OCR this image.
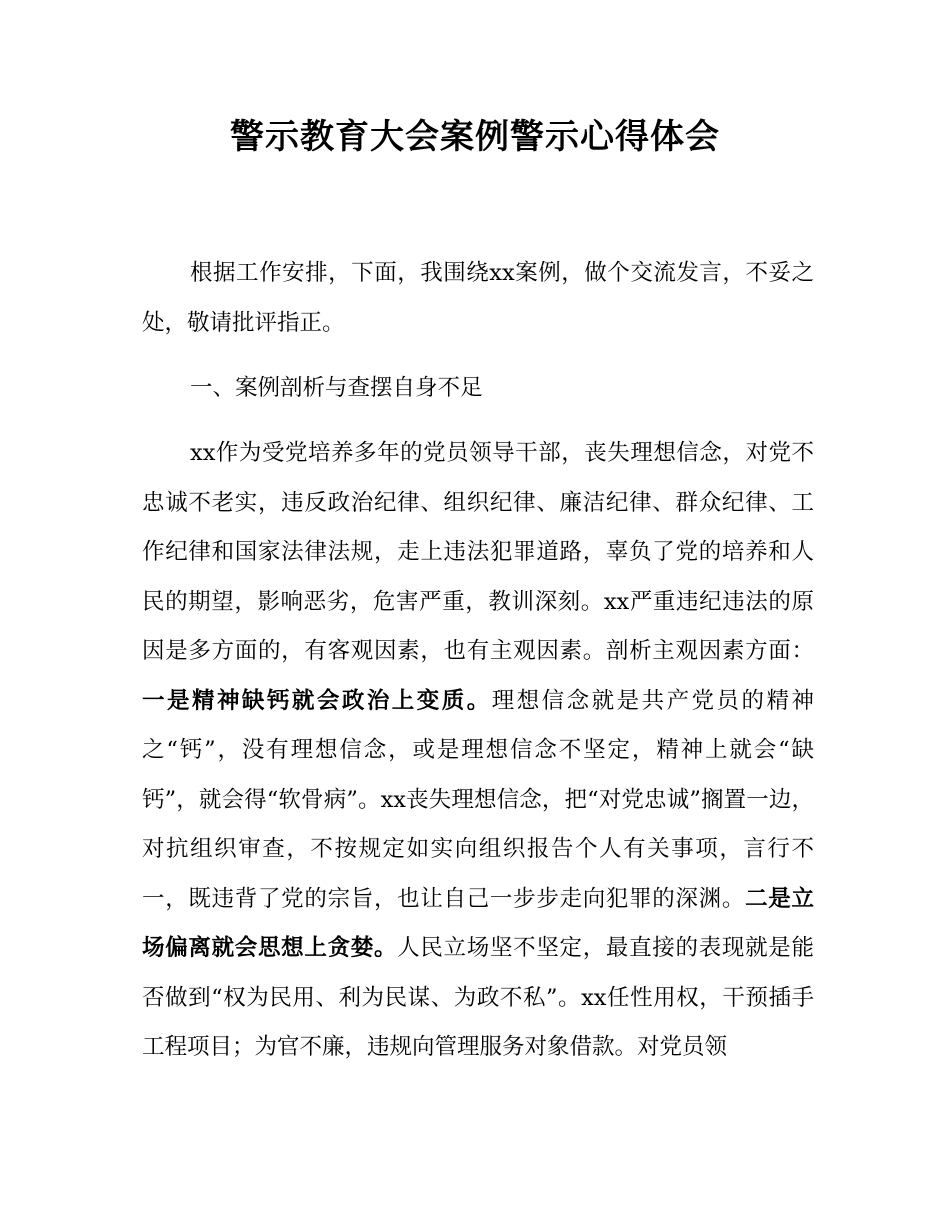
警示教育大会案例警示心得体会

根据工作安排，下面，我围绕xx案例，做个交流发言，不妥之处，敬请批评指正。

一、案例剖析与查摆自身不足

xx作为受党培养多年的党员领导干部，丧失理想信念，对党不忠诚不老实，违反政治纪律、组织纪律、廉洁纪律、群众纪律、工作纪律和国家法律法规，走上违法犯罪道路，辜负了党的培养和人民的期望，影响恶劣，危害严重，教训深刻。xx严重违纪违法的原因是多方面的，有客观因素，也有主观因素。剖析主观因素方面：一是精神缺钙就会政治上变质。理想信念就是共产党员的精神之“钙”，没有理想信念，或是理想信念不坚定，精神上就会“缺钙”，就会得“软骨病”。xx丧失理想信念，把“对党忠诚”搁置一边，对抗组织审查，不按规定如实向组织报告个人有关事项，言行不一，既违背了党的宗旨，也让自己一步步走向犯罪的深渊。二是立场偏离就会思想上贪婪。人民立场坚不坚定，最直接的表现就是能否做到“权为民用、利为民谋、为政不私”。xx任性用权，干预插手工程项目；为官不廉，违规向管理服务对象借款。对党员领
